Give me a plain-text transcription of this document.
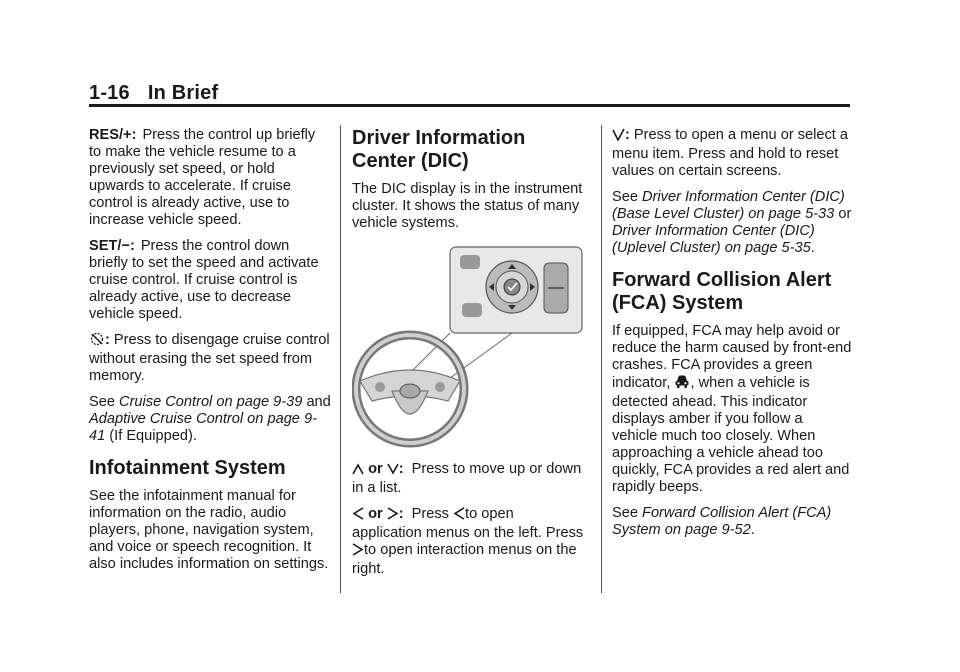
1-16 In Brief

RES/+: Press the control up briefly to make the vehicle resume to a previously set speed, or hold upwards to accelerate. If cruise control is already active, use to increase vehicle speed.

SET/−: Press the control down briefly to set the speed and activate cruise control. If cruise control is already active, use to decrease vehicle speed.

: Press to disengage cruise control without erasing the set speed from memory.

See Cruise Control on page 9-39 and Adaptive Cruise Control on page 9-41 (If Equipped).

Infotainment System

See the infotainment manual for information on the radio, audio players, phone, navigation system, and voice or speech recognition. It also includes information on settings.

Driver Information Center (DIC)

The DIC display is in the instrument cluster. It shows the status of many vehicle systems.

or : Press to move up or down in a list.

or : Press to open application menus on the left. Press to open interaction menus on the right.

: Press to open a menu or select a menu item. Press and hold to reset values on certain screens.

See Driver Information Center (DIC) (Base Level Cluster) on page 5-33 or Driver Information Center (DIC) (Uplevel Cluster) on page 5-35.

Forward Collision Alert (FCA) System

If equipped, FCA may help avoid or reduce the harm caused by front-end crashes. FCA provides a green indicator, , when a vehicle is detected ahead. This indicator displays amber if you follow a vehicle much too closely. When approaching a vehicle ahead too quickly, FCA provides a red alert and rapidly beeps.

See Forward Collision Alert (FCA) System on page 9-52.
